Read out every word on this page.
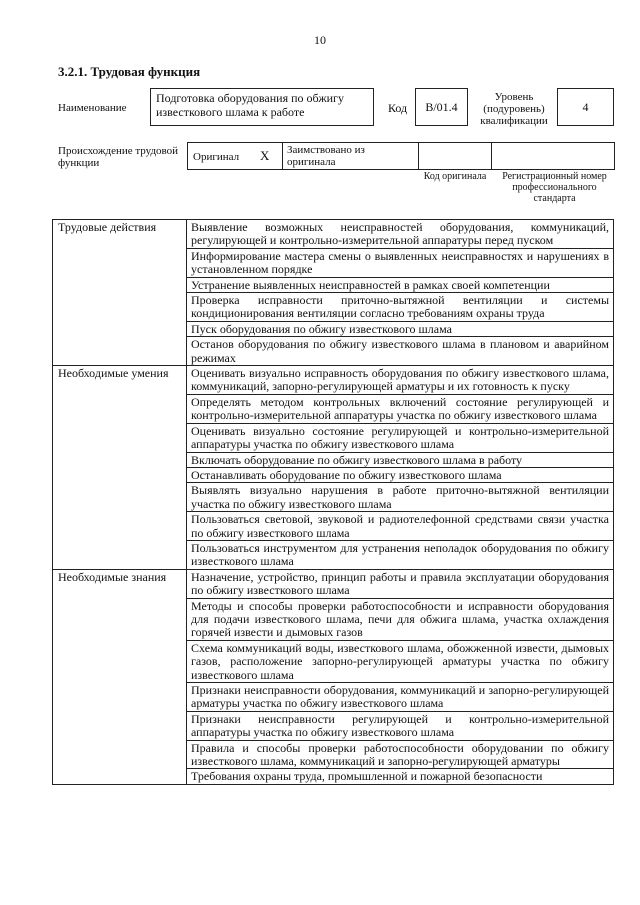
10
3.2.1. Трудовая функция
Наименование
Подготовка оборудования по обжигу известкового шлама к работе	Код B/01.4
Уровень (подуровень) квалификации
4
Происхождение трудовой функции	Оригинал X Заимствовано из оригинала
Код оригинала	Регистрационный номер профессионального стандарта
Трудовые действия	Выявление возможных неисправностей оборудования, коммуникаций, регулирующей и контрольно-измерительной аппаратуры перед пуском
	Информирование мастера смены о выявленных неисправностях и нарушениях в установленном порядке
	Устранение выявленных неисправностей в рамках своей компетенции
	Проверка исправности приточно-вытяжной вентиляции и системы кондиционирования вентиляции согласно требованиям охраны труда
	Пуск оборудования по обжигу известкового шлама
	Останов оборудования по обжигу известкового шлама в плановом и аварийном режимах
Необходимые умения	Оценивать визуально исправность оборудования по обжигу известкового шлама, коммуникаций, запорно-регулирующей арматуры и их готовность к пуску
	Определять методом контрольных включений состояние регулирующей и контрольно-измерительной аппаратуры участка по обжигу известкового шлама
	Оценивать визуально состояние регулирующей и контрольно-измерительной аппаратуры участка по обжигу известкового шлама
	Включать оборудование по обжигу известкового шлама в работу
	Останавливать оборудование по обжигу известкового шлама
	Выявлять визуально нарушения в работе приточно-вытяжной вентиляции участка по обжигу известкового шлама
	Пользоваться световой, звуковой и радиотелефонной средствами связи участка по обжигу известкового шлама
	Пользоваться инструментом для устранения неполадок оборудования по обжигу известкового шлама
Необходимые знания	Назначение, устройство, принцип работы и правила эксплуатации оборудования по обжигу известкового шлама
	Методы и способы проверки работоспособности и исправности оборудования для подачи известкового шлама, печи для обжига шлама, участка охлаждения горячей извести и дымовых газов
	Схема коммуникаций воды, известкового шлама, обожженной извести, дымовых газов, расположение запорно-регулирующей арматуры участка по обжигу известкового шлама
	Признаки неисправности оборудования, коммуникаций и запорно-регулирующей арматуры участка по обжигу известкового шлама
	Признаки неисправности регулирующей и контрольно-измерительной аппаратуры участка по обжигу известкового шлама
	Правила и способы проверки работоспособности оборудовании по обжигу известкового шлама, коммуникаций и запорно-регулирующей арматуры
	Требования охраны труда, промышленной и пожарной безопасности
